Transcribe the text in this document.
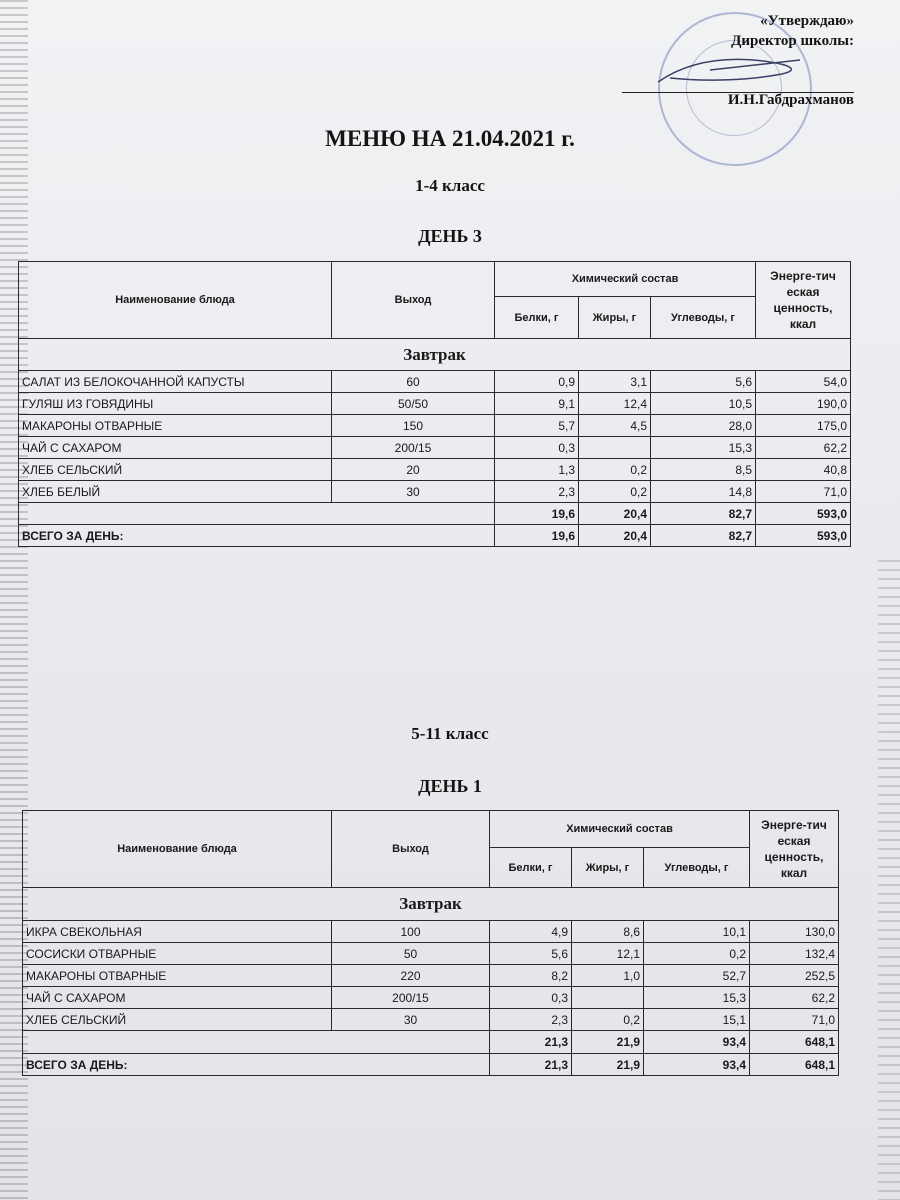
«Утверждаю»
Директор школы:
И.Н.Габдрахманов
МЕНЮ НА 21.04.2021 г.
1-4 класс
ДЕНЬ 3
Наименование блюда	Выход	Химический состав			Энерге-тич еская ценность, ккал
		Белки, г	Жиры, г	Углеводы, г	
Завтрак					
САЛАТ ИЗ БЕЛОКОЧАННОЙ КАПУСТЫ	60	0,9	3,1	5,6	54,0
ГУЛЯШ ИЗ ГОВЯДИНЫ	50/50	9,1	12,4	10,5	190,0
МАКАРОНЫ ОТВАРНЫЕ	150	5,7	4,5	28,0	175,0
ЧАЙ С САХАРОМ	200/15	0,3		15,3	62,2
ХЛЕБ СЕЛЬСКИЙ	20	1,3	0,2	8,5	40,8
ХЛЕБ БЕЛЫЙ	30	2,3	0,2	14,8	71,0
		19,6	20,4	82,7	593,0
ВСЕГО ЗА ДЕНЬ:		19,6	20,4	82,7	593,0
5-11 класс
ДЕНЬ 1
Наименование блюда	Выход	Химический состав			Энерге-тич еская ценность, ккал
		Белки, г	Жиры, г	Углеводы, г	
Завтрак					
ИКРА СВЕКОЛЬНАЯ	100	4,9	8,6	10,1	130,0
СОСИСКИ ОТВАРНЫЕ	50	5,6	12,1	0,2	132,4
МАКАРОНЫ ОТВАРНЫЕ	220	8,2	1,0	52,7	252,5
ЧАЙ С САХАРОМ	200/15	0,3		15,3	62,2
ХЛЕБ СЕЛЬСКИЙ	30	2,3	0,2	15,1	71,0
		21,3	21,9	93,4	648,1
ВСЕГО ЗА ДЕНЬ:		21,3	21,9	93,4	648,1
